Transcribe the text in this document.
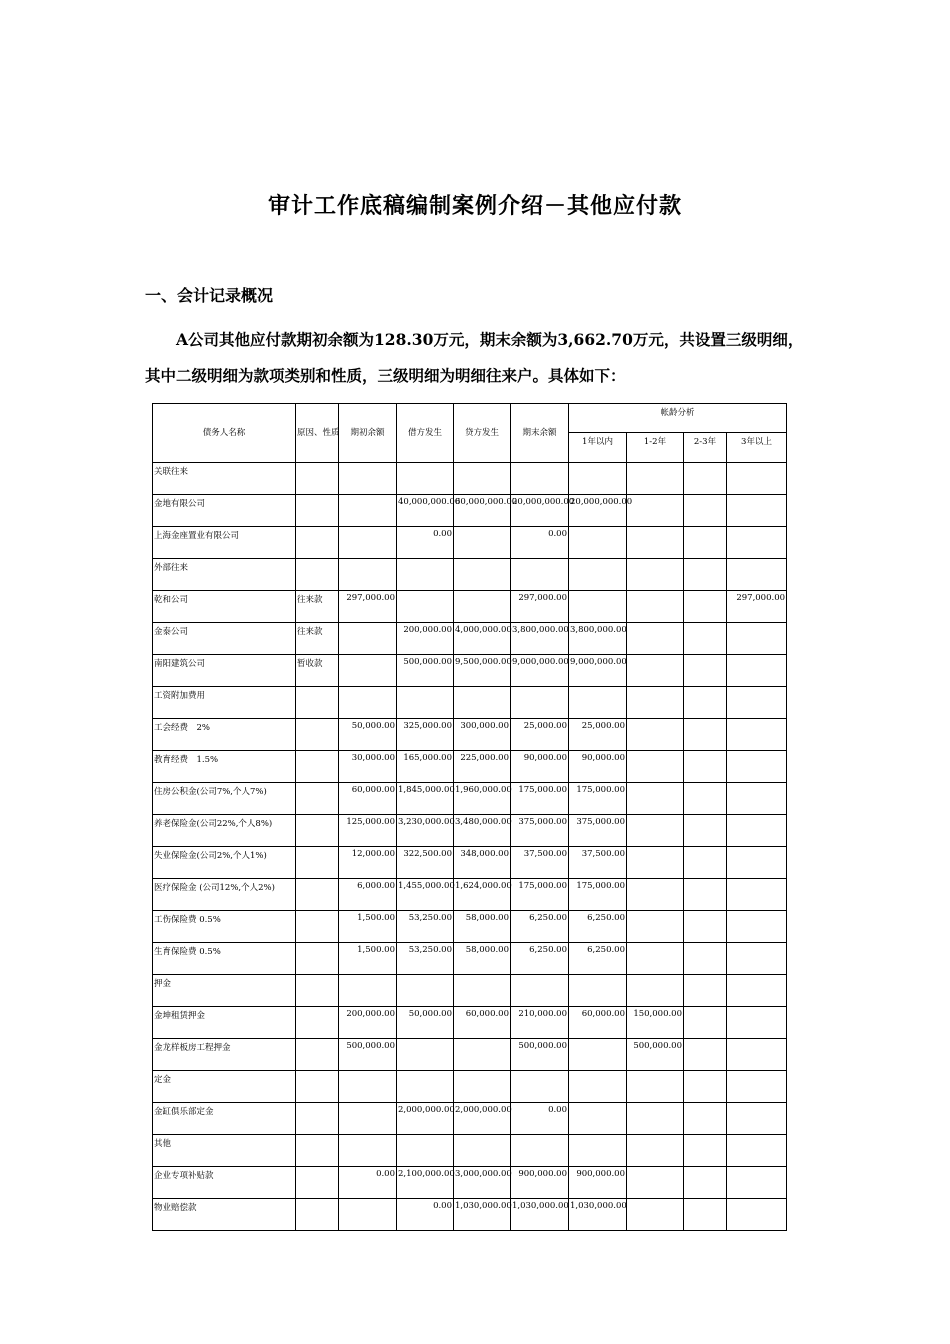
审计工作底稿编制案例介绍－其他应付款
一、会计记录概况

A公司其他应付款期初余额为128.30万元，期末余额为3,662.70万元，共设置三级明细，其中二级明细为款项类别和性质，三级明细为明细往来户。具体如下：

债务人名称	原因、性质	期初余额	借方发生	贷方发生	期末余额	帐龄分析			
						1年以内	1-2年	2-3年	3年以上
关联往来									
金地有限公司			40,000,000.00	60,000,000.00	20,000,000.00	20,000,000.00			
上海金座置业有限公司			0.00		0.00				
外部往来									
乾和公司	往来款	297,000.00			297,000.00				297,000.00
金泰公司	往来款		200,000.00	4,000,000.00	3,800,000.00	3,800,000.00			
南阳建筑公司	暂收款		500,000.00	9,500,000.00	9,000,000.00	9,000,000.00			
工资附加费用									
工会经费　2%		50,000.00	325,000.00	300,000.00	25,000.00	25,000.00			
教育经费　1.5%		30,000.00	165,000.00	225,000.00	90,000.00	90,000.00			
住房公积金(公司7%,个人7%)		60,000.00	1,845,000.00	1,960,000.00	175,000.00	175,000.00			
养老保险金(公司22%,个人8%)		125,000.00	3,230,000.00	3,480,000.00	375,000.00	375,000.00			
失业保险金(公司2%,个人1%)		12,000.00	322,500.00	348,000.00	37,500.00	37,500.00			
医疗保险金 (公司12%,个人2%)		6,000.00	1,455,000.00	1,624,000.00	175,000.00	175,000.00			
工伤保险费 0.5%		1,500.00	53,250.00	58,000.00	6,250.00	6,250.00			
生育保险费 0.5%		1,500.00	53,250.00	58,000.00	6,250.00	6,250.00			
押金									
金坤租赁押金		200,000.00	50,000.00	60,000.00	210,000.00	60,000.00	150,000.00		
金龙样板房工程押金		500,000.00			500,000.00		500,000.00		
定金									
金缸俱乐部定金			2,000,000.00	2,000,000.00	0.00				
其他									
企业专项补贴款		0.00	2,100,000.00	3,000,000.00	900,000.00	900,000.00			
物业赔偿款			0.00	1,030,000.00	1,030,000.00	1,030,000.00			
